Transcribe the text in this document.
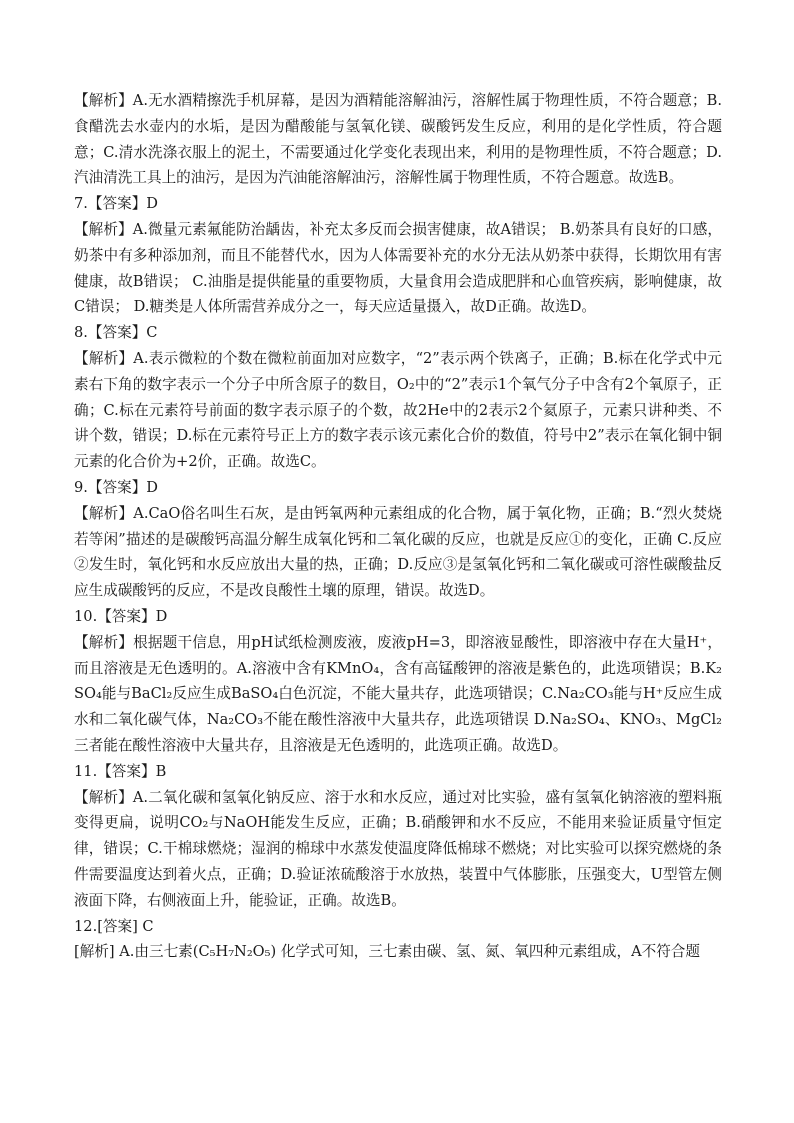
【解析】A.无水酒精擦洗手机屏幕，是因为酒精能溶解油污，溶解性属于物理性质，不符合题意；B.食醋洗去水壶内的水垢，是因为醋酸能与氢氧化镁、碳酸钙发生反应，利用的是化学性质，符合题意；C.清水洗涤衣服上的泥土，不需要通过化学变化表现出来，利用的是物理性质，不符合题意；D.汽油清洗工具上的油污，是因为汽油能溶解油污，溶解性属于物理性质，不符合题意。故选B。

7.【答案】D

【解析】A.微量元素氟能防治龋齿，补充太多反而会损害健康，故A错误； B.奶茶具有良好的口感，奶茶中有多种添加剂，而且不能替代水，因为人体需要补充的水分无法从奶茶中获得，长期饮用有害健康，故B错误； C.油脂是提供能量的重要物质，大量食用会造成肥胖和心血管疾病，影响健康，故C错误； D.糖类是人体所需营养成分之一，每天应适量摄入，故D正确。故选D。

8.【答案】C

【解析】A.表示微粒的个数在微粒前面加对应数字，“2”表示两个铁离子，正确；B.标在化学式中元素右下角的数字表示一个分子中所含原子的数目，O₂中的“2”表示1个氧气分子中含有2个氧原子，正确；C.标在元素符号前面的数字表示原子的个数，故2He中的2表示2个氦原子，元素只讲种类、不讲个数，错误；D.标在元素符号正上方的数字表示该元素化合价的数值，符号中2”表示在氧化铜中铜元素的化合价为+2价，正确。故选C。

9.【答案】D

【解析】A.CaO俗名叫生石灰，是由钙氧两种元素组成的化合物，属于氧化物，正确；B.“烈火焚烧若等闲”描述的是碳酸钙高温分解生成氧化钙和二氧化碳的反应，也就是反应①的变化，正确 C.反应②发生时，氧化钙和水反应放出大量的热，正确；D.反应③是氢氧化钙和二氧化碳或可溶性碳酸盐反应生成碳酸钙的反应，不是改良酸性土壤的原理，错误。故选D。

10.【答案】D

【解析】根据题干信息，用pH试纸检测废液，废液pH=3，即溶液显酸性，即溶液中存在大量H⁺，而且溶液是无色透明的。A.溶液中含有KMnO₄，含有高锰酸钾的溶液是紫色的，此选项错误；B.K₂SO₄能与BaCl₂反应生成BaSO₄白色沉淀，不能大量共存，此选项错误；C.Na₂CO₃能与H⁺反应生成水和二氧化碳气体，Na₂CO₃不能在酸性溶液中大量共存，此选项错误 D.Na₂SO₄、KNO₃、MgCl₂三者能在酸性溶液中大量共存，且溶液是无色透明的，此选项正确。故选D。

11.【答案】B

【解析】A.二氧化碳和氢氧化钠反应、溶于水和水反应，通过对比实验，盛有氢氧化钠溶液的塑料瓶变得更扁，说明CO₂与NaOH能发生反应，正确；B.硝酸钾和水不反应，不能用来验证质量守恒定律，错误；C.干棉球燃烧；湿润的棉球中水蒸发使温度降低棉球不燃烧；对比实验可以探究燃烧的条件需要温度达到着火点，正确；D.验证浓硫酸溶于水放热，装置中气体膨胀，压强变大，U型管左侧液面下降，右侧液面上升，能验证，正确。故选B。

12.[答案] C

[解析] A.由三七素(C₅H₇N₂O₅) 化学式可知，三七素由碳、氢、氮、氧四种元素组成，A不符合题
